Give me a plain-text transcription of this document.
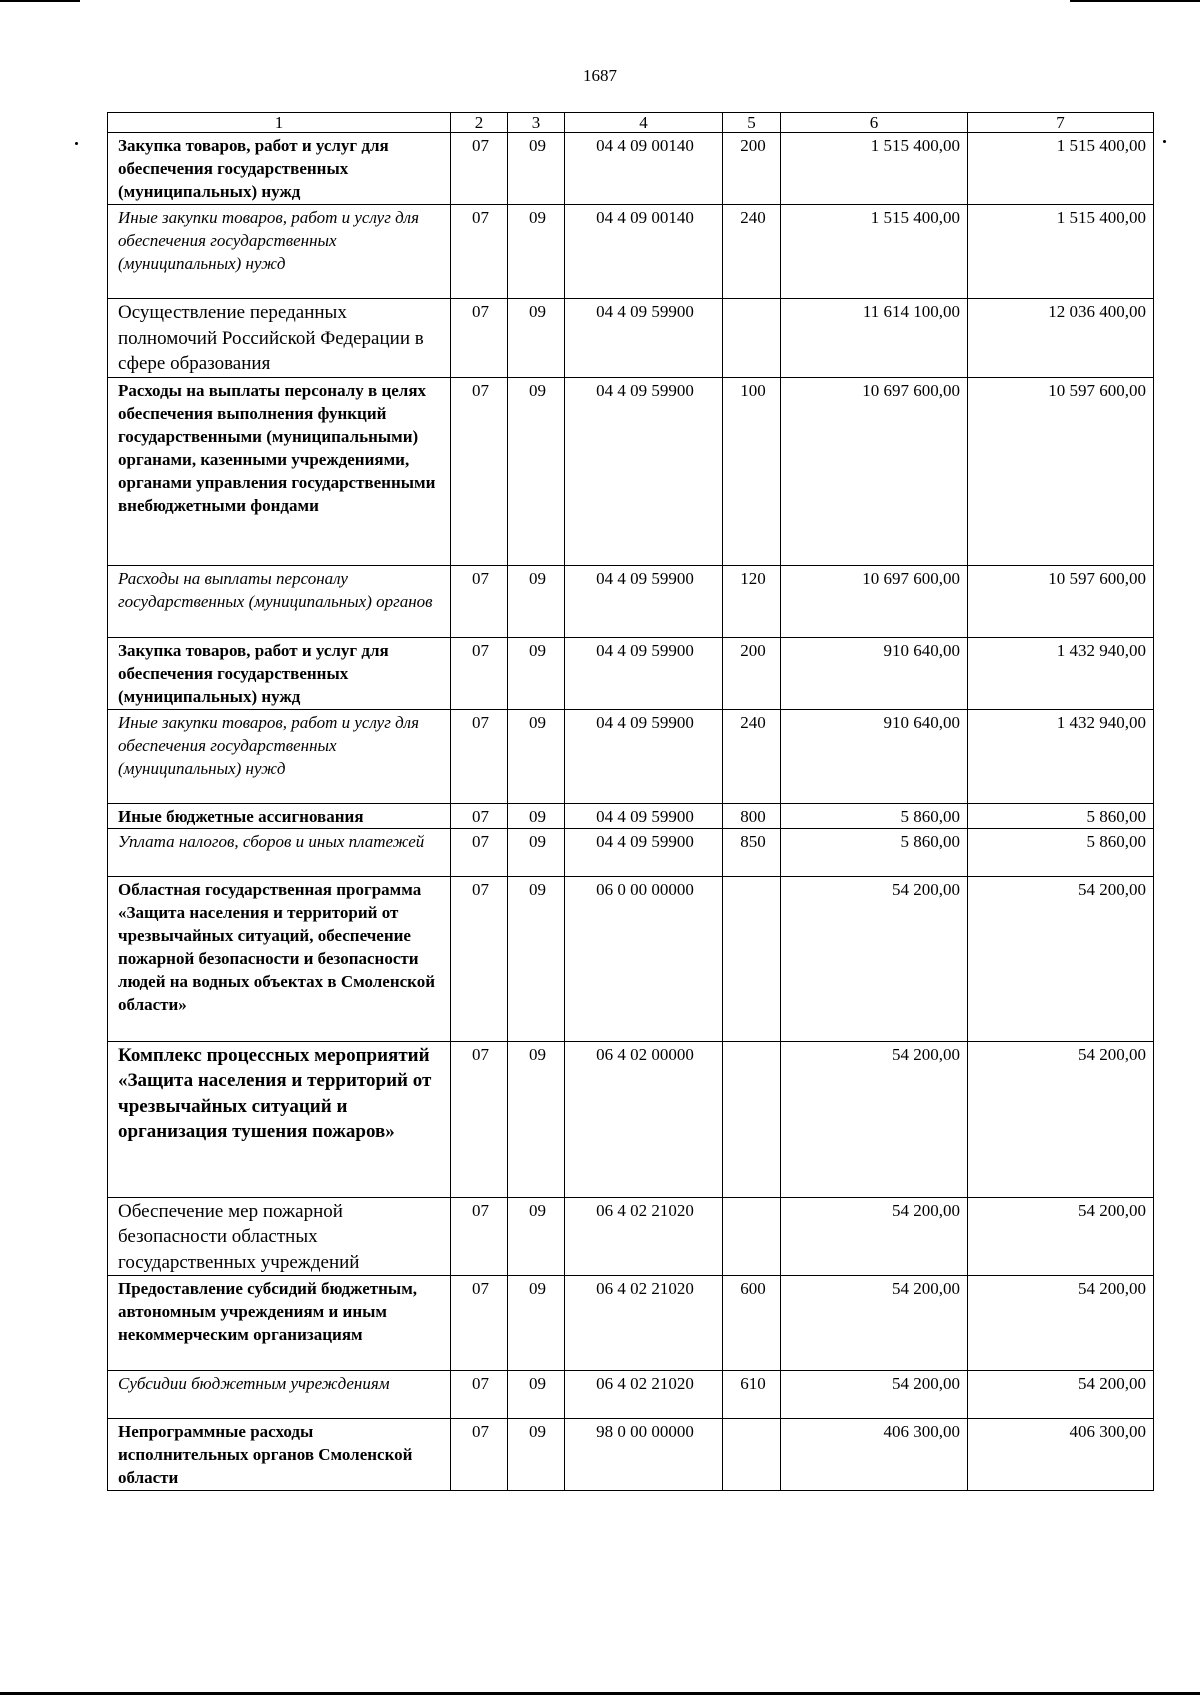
1687
1	2	3	4	5	6	7
Закупка товаров, работ и услуг для обеспечения государственных (муниципальных) нужд	07	09	04 4 09 00140	200	1 515 400,00	1 515 400,00
Иные закупки товаров, работ и услуг для обеспечения государственных (муниципальных) нужд	07	09	04 4 09 00140	240	1 515 400,00	1 515 400,00
Осуществление переданных полномочий Российской Федерации в сфере образования	07	09	04 4 09 59900		11 614 100,00	12 036 400,00
Расходы на выплаты персоналу в целях обеспечения выполнения функций государственными (муниципальными) органами, казенными учреждениями, органами управления государственными внебюджетными фондами	07	09	04 4 09 59900	100	10 697 600,00	10 597 600,00
Расходы на выплаты персоналу государственных (муниципальных) органов	07	09	04 4 09 59900	120	10 697 600,00	10 597 600,00
Закупка товаров, работ и услуг для обеспечения государственных (муниципальных) нужд	07	09	04 4 09 59900	200	910 640,00	1 432 940,00
Иные закупки товаров, работ и услуг для обеспечения государственных (муниципальных) нужд	07	09	04 4 09 59900	240	910 640,00	1 432 940,00
Иные бюджетные ассигнования	07	09	04 4 09 59900	800	5 860,00	5 860,00
Уплата налогов, сборов и иных платежей	07	09	04 4 09 59900	850	5 860,00	5 860,00
Областная государственная программа «Защита населения и территорий от чрезвычайных ситуаций, обеспечение пожарной безопасности и безопасности людей на водных объектах в Смоленской области»	07	09	06 0 00 00000		54 200,00	54 200,00
Комплекс процессных мероприятий «Защита населения и территорий от чрезвычайных ситуаций и организация тушения пожаров»	07	09	06 4 02 00000		54 200,00	54 200,00
Обеспечение мер пожарной безопасности областных государственных учреждений	07	09	06 4 02 21020		54 200,00	54 200,00
Предоставление субсидий бюджетным, автономным учреждениям и иным некоммерческим организациям	07	09	06 4 02 21020	600	54 200,00	54 200,00
Субсидии бюджетным учреждениям	07	09	06 4 02 21020	610	54 200,00	54 200,00
Непрограммные расходы исполнительных органов Смоленской области	07	09	98 0 00 00000		406 300,00	406 300,00
